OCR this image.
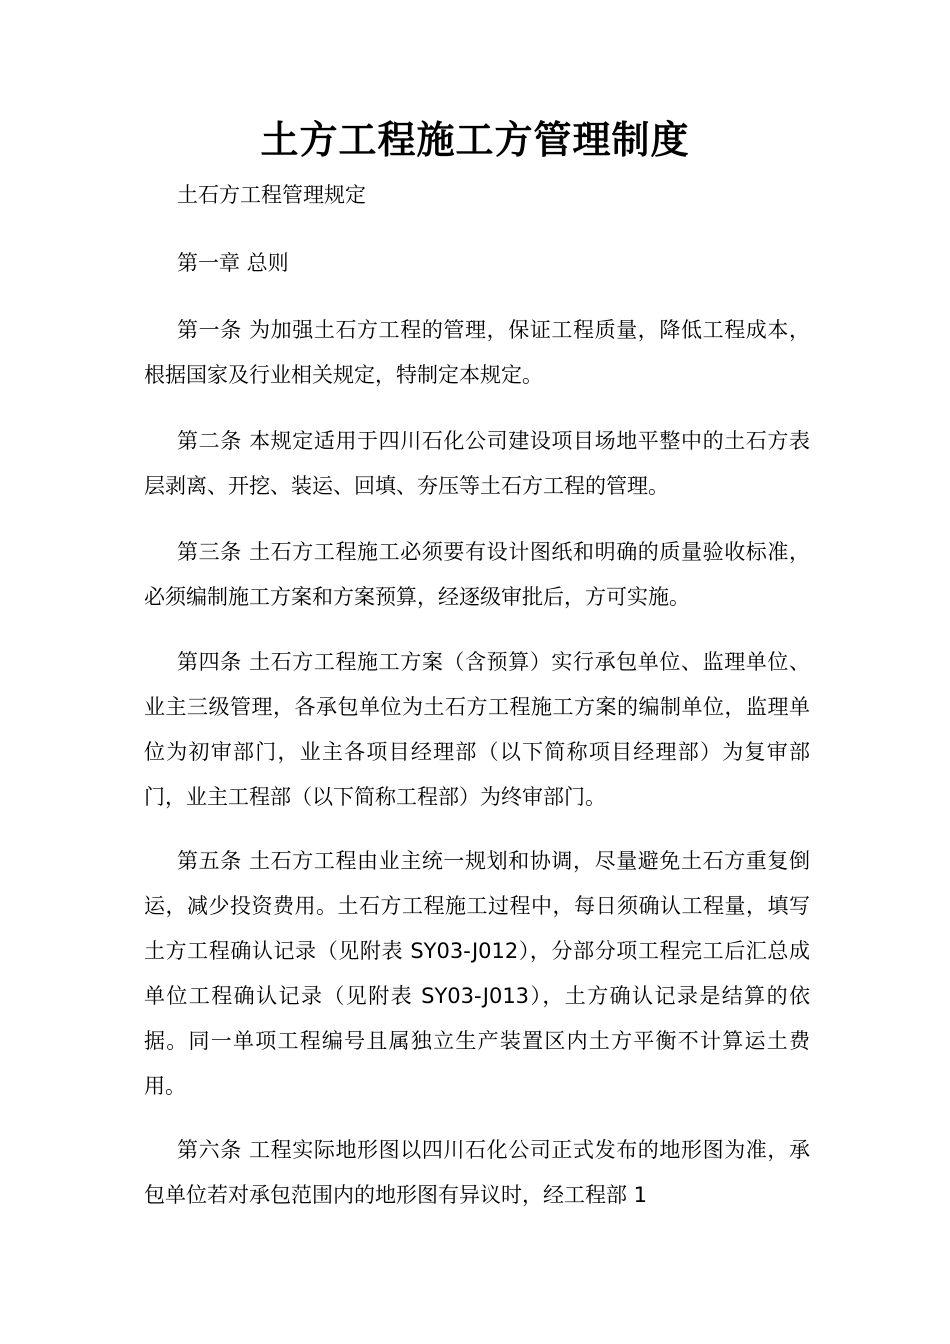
土方工程施工方管理制度

土石方工程管理规定

第一章 总则

第一条 为加强土石方工程的管理，保证工程质量，降低工程成本，根据国家及行业相关规定，特制定本规定。

第二条 本规定适用于四川石化公司建设项目场地平整中的土石方表层剥离、开挖、装运、回填、夯压等土石方工程的管理。

第三条 土石方工程施工必须要有设计图纸和明确的质量验收标准，必须编制施工方案和方案预算，经逐级审批后，方可实施。

第四条 土石方工程施工方案（含预算）实行承包单位、监理单位、业主三级管理，各承包单位为土石方工程施工方案的编制单位，监理单位为初审部门，业主各项目经理部（以下简称项目经理部）为复审部门，业主工程部（以下简称工程部）为终审部门。

第五条 土石方工程由业主统一规划和协调，尽量避免土石方重复倒运，减少投资费用。土石方工程施工过程中，每日须确认工程量，填写土方工程确认记录（见附表 SY03-J012），分部分项工程完工后汇总成单位工程确认记录（见附表 SY03-J013），土方确认记录是结算的依据。同一单项工程编号且属独立生产装置区内土方平衡不计算运土费用。

第六条 工程实际地形图以四川石化公司正式发布的地形图为准，承包单位若对承包范围内的地形图有异议时，经工程部 1
